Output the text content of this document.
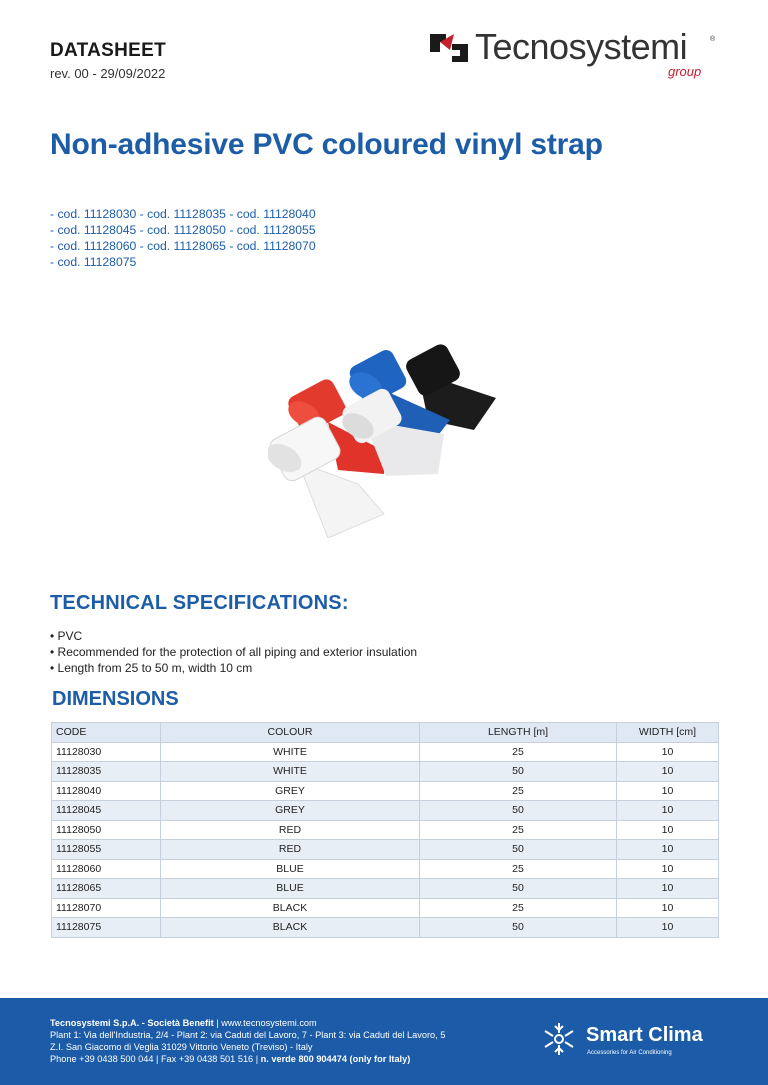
DATASHEET
rev. 00 - 29/09/2022
Tecnosystemi	®
group
Non-adhesive PVC coloured vinyl strap
- cod. 11128030 - cod. 11128035 - cod. 11128040
- cod. 11128045 - cod. 11128050 - cod. 11128055
- cod. 11128060 - cod. 11128065 - cod. 11128070
- cod. 11128075
TECHNICAL SPECIFICATIONS:
• PVC
• Recommended for the protection of all piping and exterior insulation
• Length from 25 to 50 m, width 10 cm
DIMENSIONS
CODE	COLOUR	LENGTH [m]	WIDTH [cm]
11128030	WHITE	25	10
11128035	WHITE	50	10
11128040	GREY	25	10
11128045	GREY	50	10
11128050	RED	25	10
11128055	RED	50	10
11128060	BLUE	25	10
11128065	BLUE	50	10
11128070	BLACK	25	10
11128075	BLACK	50	10
Tecnosystemi S.p.A. - Società Benefit | www.tecnosystemi.com
Plant 1: Via dell'Industria, 2/4 - Plant 2: via Caduti del Lavoro, 7 - Plant 3: via Caduti del Lavoro, 5
Z.I. San Giacomo di Veglia 31029 Vittorio Veneto (Treviso) - Italy
Phone +39 0438 500 044 | Fax +39 0438 501 516 | n. verde 800 904474 (only for Italy)
Smart Clima
Accessories for Air Conditioning
